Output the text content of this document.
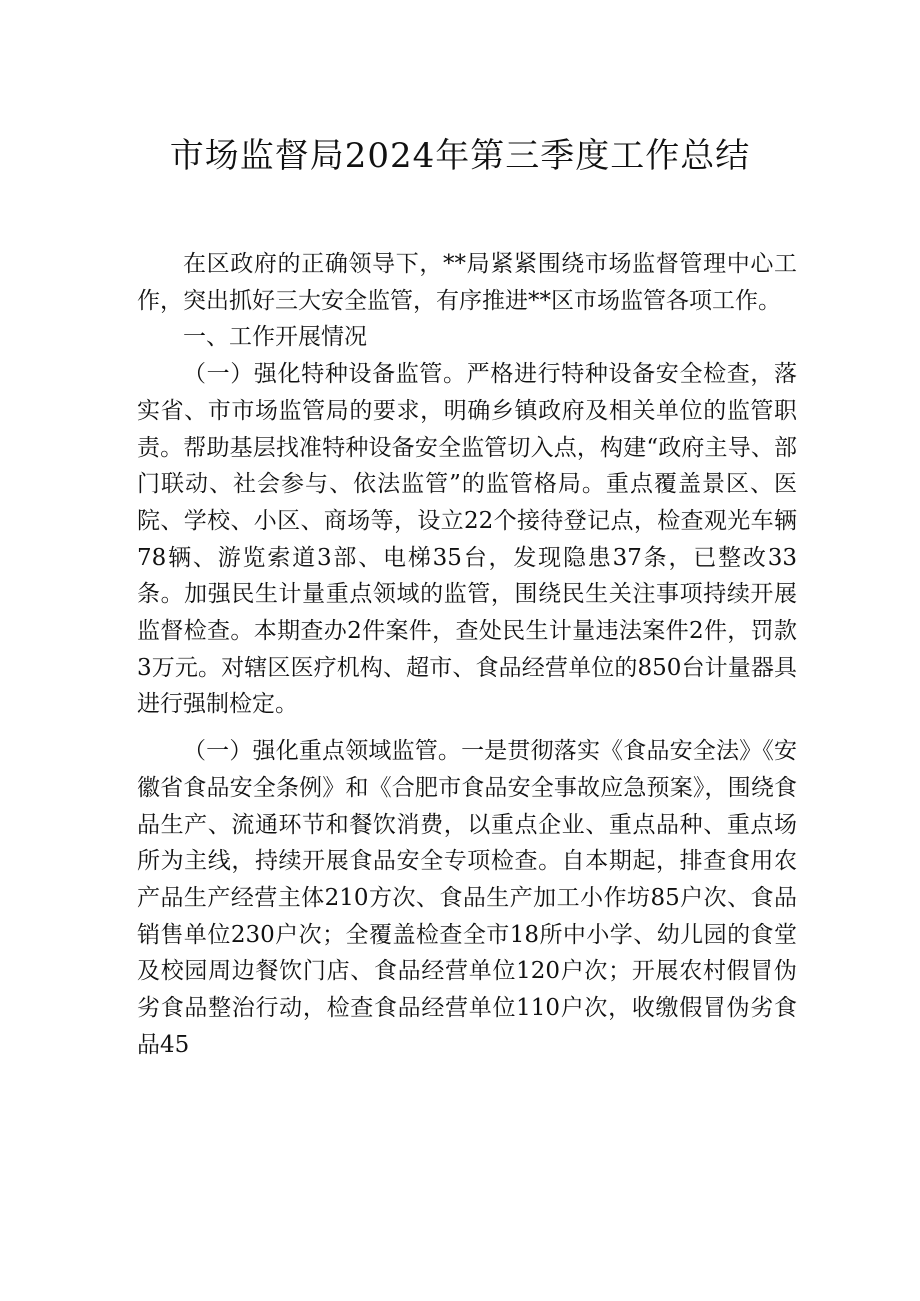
市场监督局2024年第三季度工作总结

在区政府的正确领导下，**局紧紧围绕市场监督管理中心工作，突出抓好三大安全监管，有序推进**区市场监管各项工作。

一、工作开展情况

（一）强化特种设备监管。严格进行特种设备安全检查，落实省、市市场监管局的要求，明确乡镇政府及相关单位的监管职责。帮助基层找准特种设备安全监管切入点，构建“政府主导、部门联动、社会参与、依法监管”的监管格局。重点覆盖景区、医院、学校、小区、商场等，设立22个接待登记点，检查观光车辆78辆、游览索道3部、电梯35台，发现隐患37条，已整改33条。加强民生计量重点领域的监管，围绕民生关注事项持续开展监督检查。本期查办2件案件，查处民生计量违法案件2件，罚款3万元。对辖区医疗机构、超市、食品经营单位的850台计量器具进行强制检定。

（一）强化重点领域监管。一是贯彻落实《食品安全法》《安徽省食品安全条例》和《合肥市食品安全事故应急预案》，围绕食品生产、流通环节和餐饮消费，以重点企业、重点品种、重点场所为主线，持续开展食品安全专项检查。自本期起，排查食用农产品生产经营主体210方次、食品生产加工小作坊85户次、食品销售单位230户次；全覆盖检查全市18所中小学、幼儿园的食堂及校园周边餐饮门店、食品经营单位120户次；开展农村假冒伪劣食品整治行动，检查食品经营单位110户次，收缴假冒伪劣食品45
